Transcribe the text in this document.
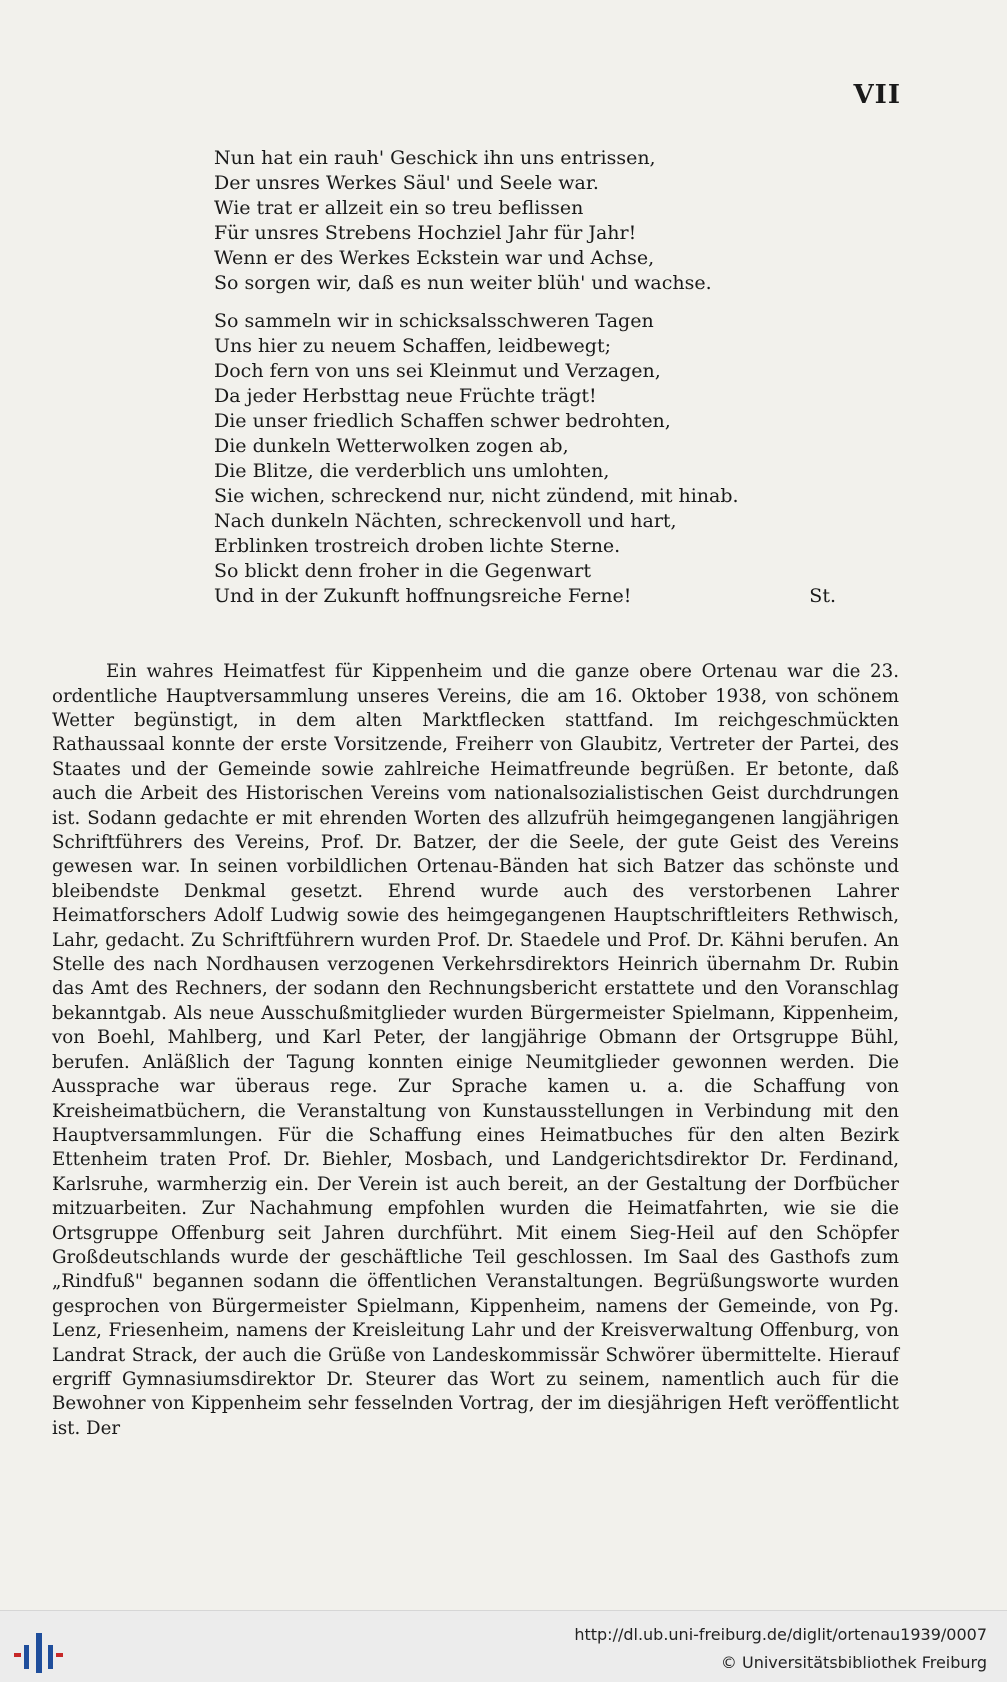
VII
Nun hat ein rauh' Geschick ihn uns entrissen,
Der unsres Werkes Säul' und Seele war.
Wie trat er allzeit ein so treu beflissen
Für unsres Strebens Hochziel Jahr für Jahr!
Wenn er des Werkes Eckstein war und Achse,
So sorgen wir, daß es nun weiter blüh' und wachse.
So sammeln wir in schicksalsschweren Tagen
Uns hier zu neuem Schaffen, leidbewegt;
Doch fern von uns sei Kleinmut und Verzagen,
Da jeder Herbsttag neue Früchte trägt!
Die unser friedlich Schaffen schwer bedrohten,
Die dunkeln Wetterwolken zogen ab,
Die Blitze, die verderblich uns umlohten,
Sie wichen, schreckend nur, nicht zündend, mit hinab.
Nach dunkeln Nächten, schreckenvoll und hart,
Erblinken trostreich droben lichte Sterne.
So blickt denn froher in die Gegenwart
Und in der Zukunft hoffnungsreiche Ferne!	St.

Ein wahres Heimatfest für Kippenheim und die ganze obere Ortenau war die 23. ordentliche Hauptversammlung unseres Vereins, die am 16. Oktober 1938, von schönem Wetter begünstigt, in dem alten Marktflecken stattfand. Im reichgeschmückten Rathaussaal konnte der erste Vorsitzende, Freiherr von Glaubitz, Vertreter der Partei, des Staates und der Gemeinde sowie zahlreiche Heimatfreunde begrüßen. Er betonte, daß auch die Arbeit des Historischen Vereins vom nationalsozialistischen Geist durchdrungen ist. Sodann gedachte er mit ehrenden Worten des allzufrüh heimgegangenen langjährigen Schriftführers des Vereins, Prof. Dr. Batzer, der die Seele, der gute Geist des Vereins gewesen war. In seinen vorbildlichen Ortenau-Bänden hat sich Batzer das schönste und bleibendste Denkmal gesetzt. Ehrend wurde auch des verstorbenen Lahrer Heimatforschers Adolf Ludwig sowie des heimgegangenen Hauptschriftleiters Rethwisch, Lahr, gedacht. Zu Schriftführern wurden Prof. Dr. Staedele und Prof. Dr. Kähni berufen. An Stelle des nach Nordhausen verzogenen Verkehrsdirektors Heinrich übernahm Dr. Rubin das Amt des Rechners, der sodann den Rechnungsbericht erstattete und den Voranschlag bekanntgab. Als neue Ausschußmitglieder wurden Bürgermeister Spielmann, Kippenheim, von Boehl, Mahlberg, und Karl Peter, der langjährige Obmann der Ortsgruppe Bühl, berufen. Anläßlich der Tagung konnten einige Neumitglieder gewonnen werden. Die Aussprache war überaus rege. Zur Sprache kamen u. a. die Schaffung von Kreisheimatbüchern, die Veranstaltung von Kunstausstellungen in Verbindung mit den Hauptversammlungen. Für die Schaffung eines Heimatbuches für den alten Bezirk Ettenheim traten Prof. Dr. Biehler, Mosbach, und Landgerichtsdirektor Dr. Ferdinand, Karlsruhe, warmherzig ein. Der Verein ist auch bereit, an der Gestaltung der Dorfbücher mitzuarbeiten. Zur Nachahmung empfohlen wurden die Heimatfahrten, wie sie die Ortsgruppe Offenburg seit Jahren durchführt. Mit einem Sieg-Heil auf den Schöpfer Großdeutschlands wurde der geschäftliche Teil geschlossen. Im Saal des Gasthofs zum „Rindfuß" begannen sodann die öffentlichen Veranstaltungen. Begrüßungsworte wurden gesprochen von Bürgermeister Spielmann, Kippenheim, namens der Gemeinde, von Pg. Lenz, Friesenheim, namens der Kreisleitung Lahr und der Kreisverwaltung Offenburg, von Landrat Strack, der auch die Grüße von Landeskommissär Schwörer übermittelte. Hierauf ergriff Gymnasiumsdirektor Dr. Steurer das Wort zu seinem, namentlich auch für die Bewohner von Kippenheim sehr fesselnden Vortrag, der im diesjährigen Heft veröffentlicht ist. Der

http://dl.ub.uni-freiburg.de/diglit/ortenau1939/0007
© Universitätsbibliothek Freiburg
